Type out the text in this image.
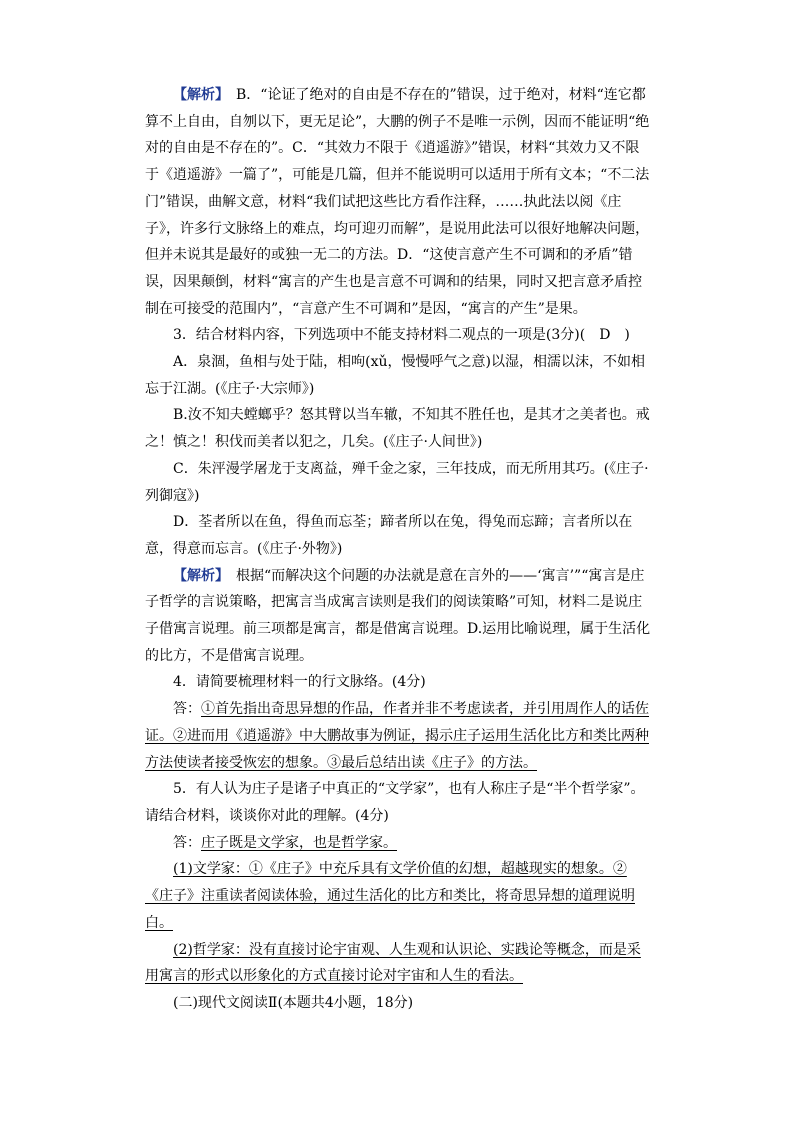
【解析】　B．“论证了绝对的自由是不存在的”错误，过于绝对，材料“连它都算不上自由，自刎以下，更无足论”，大鹏的例子不是唯一示例，因而不能证明“绝对的自由是不存在的”。C．“其效力不限于《逍遥游》”错误，材料“其效力又不限于《逍遥游》一篇了”，可能是几篇，但并不能说明可以适用于所有文本；“不二法门”错误，曲解文意，材料“我们试把这些比方看作注释，……执此法以阅《庄子》，许多行文脉络上的难点，均可迎刃而解”，是说用此法可以很好地解决问题，但并未说其是最好的或独一无二的方法。D．“这使言意产生不可调和的矛盾”错误，因果颠倒，材料“寓言的产生也是言意不可调和的结果，同时又把言意矛盾控制在可接受的范围内”，“言意产生不可调和”是因，“寓言的产生”是果。

3．结合材料内容，下列选项中不能支持材料二观点的一项是(3分)(　D　)

A．泉涸，鱼相与处于陆，相呴(xǔ，慢慢呼气之意)以湿，相濡以沫，不如相忘于江湖。(《庄子·大宗师》)

B.汝不知夫螳螂乎？怒其臂以当车辙，不知其不胜任也，是其才之美者也。戒之！慎之！积伐而美者以犯之，几矣。(《庄子·人间世》)

C．朱泙漫学屠龙于支离益，殚千金之家，三年技成，而无所用其巧。(《庄子·列御寇》)

D．荃者所以在鱼，得鱼而忘荃；蹄者所以在兔，得兔而忘蹄；言者所以在意，得意而忘言。(《庄子·外物》)

【解析】　根据“而解决这个问题的办法就是意在言外的——‘寓言’”“寓言是庄子哲学的言说策略，把寓言当成寓言读则是我们的阅读策略”可知，材料二是说庄子借寓言说理。前三项都是寓言，都是借寓言说理。D.运用比喻说理，属于生活化的比方，不是借寓言说理。

4．请简要梳理材料一的行文脉络。(4分)

答：①首先指出奇思异想的作品，作者并非不考虑读者，并引用周作人的话佐证。②进而用《逍遥游》中大鹏故事为例证，揭示庄子运用生活化比方和类比两种方法使读者接受恢宏的想象。③最后总结出读《庄子》的方法。

5．有人认为庄子是诸子中真正的“文学家”，也有人称庄子是“半个哲学家”。请结合材料，谈谈你对此的理解。(4分)

答：庄子既是文学家，也是哲学家。

(1)文学家：①《庄子》中充斥具有文学价值的幻想，超越现实的想象。②《庄子》注重读者阅读体验，通过生活化的比方和类比，将奇思异想的道理说明白。

(2)哲学家：没有直接讨论宇宙观、人生观和认识论、实践论等概念，而是采用寓言的形式以形象化的方式直接讨论对宇宙和人生的看法。

(二)现代文阅读Ⅱ(本题共4小题，18分)
